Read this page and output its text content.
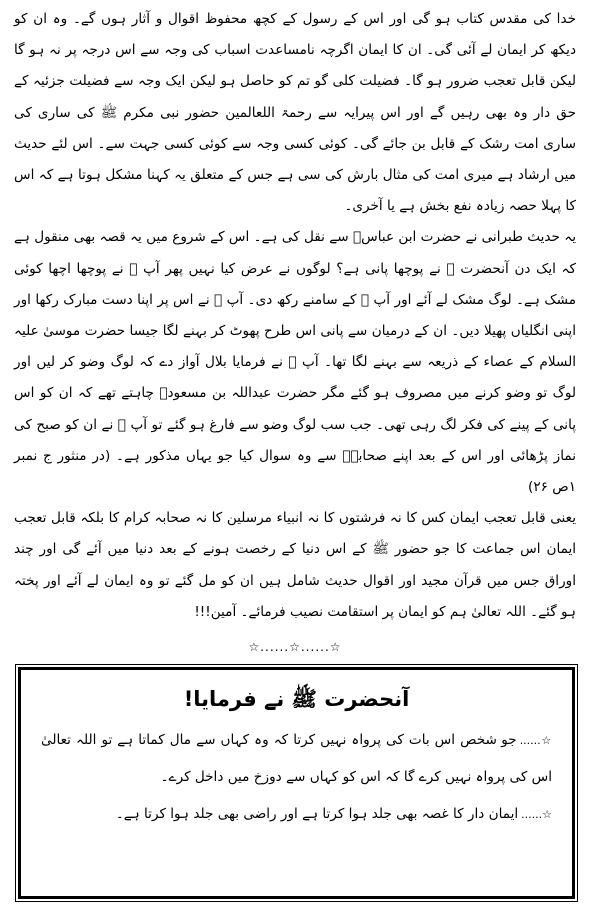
خدا کی مقدس کتاب ہو گی اور اس کے رسول کے کچھ محفوظ اقوال و آثار ہوں گے۔ وہ ان کو دیکھ کر ایمان لے آئی گی۔ ان کا ایمان اگرچہ نامساعدت اسباب کی وجہ سے اس درجہ پر نہ ہو گا لیکن قابل تعجب ضرور ہو گا۔ فضیلت کلی گو تم کو حاصل ہو لیکن ایک وجہ سے فضیلت جزئیہ کے حق دار وہ بھی رہیں گے اور اس پیرایہ سے رحمۃ اللعالمین حضور نبی مکرم ﷺ کی ساری کی ساری امت رشک کے قابل بن جائے گی۔ کوئی کسی وجہ سے کوئی کسی جہت سے۔ اس لئے حدیث میں ارشاد ہے میری امت کی مثال بارش کی سی ہے جس کے متعلق یہ کہنا مشکل ہوتا ہے کہ اس کا پہلا حصہ زیادہ نفع بخش ہے یا آخری۔

یہ حدیث طبرانی نے حضرت ابن عباسؓ سے نقل کی ہے۔ اس کے شروع میں یہ قصہ بھی منقول ہے کہ ایک دن آنحضرت ﷺ نے پوچھا پانی ہے؟ لوگوں نے عرض کیا نہیں پھر آپ ﷺ نے پوچھا اچھا کوئی مشک ہے۔ لوگ مشک لے آئے اور آپ ﷺ کے سامنے رکھ دی۔ آپ ﷺ نے اس پر اپنا دست مبارک رکھا اور اپنی انگلیاں پھیلا دیں۔ ان کے درمیان سے پانی اس طرح پھوٹ کر بہنے لگا جیسا حضرت موسیٰ علیہ السلام کے عصاء کے ذریعہ سے بہنے لگا تھا۔ آپ ﷺ نے فرمایا بلال آواز دے کہ لوگ وضو کر لیں اور لوگ تو وضو کرنے میں مصروف ہو گئے مگر حضرت عبداللہ بن مسعودؓ چاہتے تھے کہ ان کو اس پانی کے پینے کی فکر لگ رہی تھی۔ جب سب لوگ وضو سے فارغ ہو گئے تو آپ ﷺ نے ان کو صبح کی نماز پڑھائی اور اس کے بعد اپنے صحابہؓ سے وہ سوال کیا جو یہاں مذکور ہے۔ (در منثور ج نمبر ۱ص ۲۶)

یعنی قابل تعجب ایمان کس کا نہ فرشتوں کا نہ انبیاء مرسلین کا نہ صحابہ کرام کا بلکہ قابل تعجب ایمان اس جماعت کا جو حضور ﷺ کے اس دنیا کے رخصت ہونے کے بعد دنیا میں آئے گی اور چند اوراق جس میں قرآن مجید اور اقوال حدیث شامل ہیں ان کو مل گئے تو وہ ایمان لے آئے اور پختہ ہو گئے۔ اللہ تعالیٰ ہم کو ایمان پر استقامت نصیب فرمائے۔ آمین!!!

☆......☆......☆
آنحضرت ﷺ نے فرمایا!

☆......جو شخص اس بات کی پرواہ نہیں کرتا کہ وہ کہاں سے مال کماتا ہے تو اللہ تعالیٰ اس کی پرواہ نہیں کرے گا کہ اس کو کہاں سے دوزخ میں داخل کرے۔

☆......ایمان دار کا غصہ بھی جلد ہوا کرتا ہے اور راضی بھی جلد ہوا کرتا ہے۔
